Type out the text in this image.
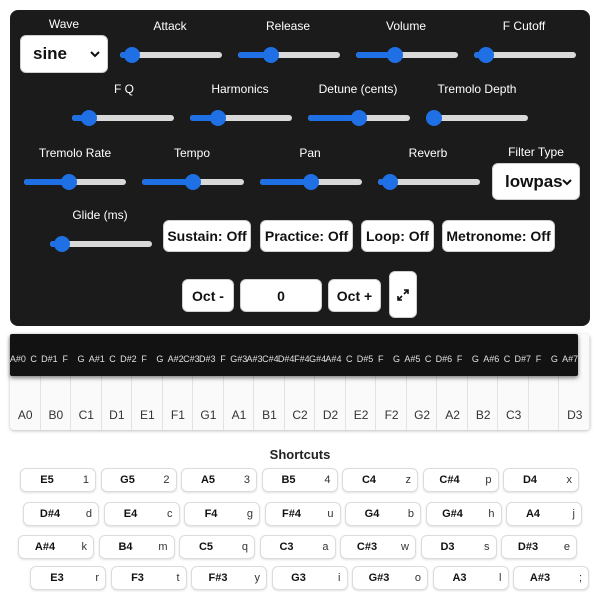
Wave
sine
Attack	Release	Volume	F Cutoff
F Q	Harmonics	Detune (cents)	Tremolo Depth
Tremolo Rate	Tempo	Pan	Reverb	Filter Type
lowpas
Glide (ms)
Sustain: Off	Practice: Off	Loop: Off	Metronome: Off
Oct -	0	Oct +
A0 B0 C1 D1 E1 F1 G1 A1 B1 C2 D2 E2 F2 G2 A2 B2 C3	D3
A#0 C D#1 F G A#1 C D#2 F G A#2 C#3 D#3 F G#3 A#3 C#4 D#4 F#4 G#4 A#4 C D#5 F G A#5 C D#6 F G A#6 C D#7 F G A#7
Shortcuts
E5	1	G5	2	A5	3	B5	4	C4	z	C#4	p	D4	x
D#4	d	E4	c	F4	g	F#4	u	G4	b	G#4	h	A4	j
A#4	k	B4	m	C5	q	C3	a	C#3	w	D3	s	D#3	e
E3	r	F3	t	F#3	y	G3	i	G#3	o	A3	l	A#3	;
